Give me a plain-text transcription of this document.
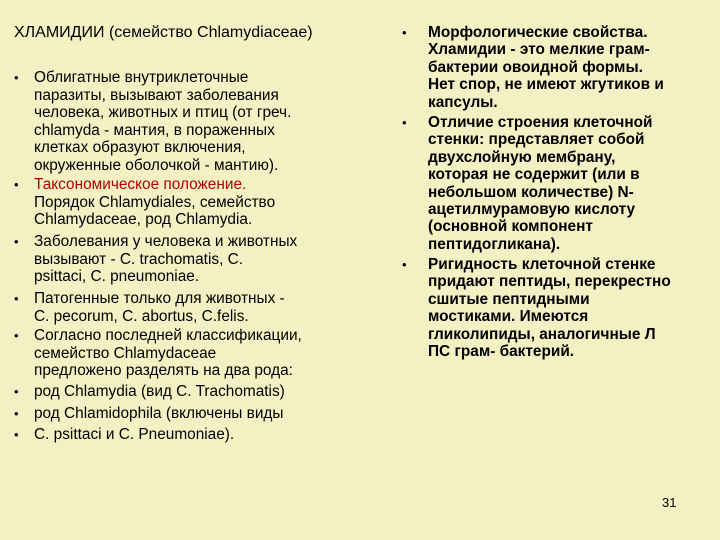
ХЛАМИДИИ (семейство Chlamydiaceae)
• Облигатные внутриклеточные
паразиты, вызывают заболевания
человека, животных и птиц (от греч.
chlamyda - мантия, в пораженных
клетках образуют включения,
окруженные оболочкой - мантию).
• Таксономическое положение.
Порядок Chlamydiales, семейство
Chlamydaceae, род Chlamydia.
• Заболевания у человека и животных
вызывают - C. trachomatis, C.
psittaci, C. pneumoniae.
• Патогенные только для животных -
C. pecorum, C. abortus, C.felis.
• Согласно последней классификации,
семейство Chlamydaceae
предложено разделять на два рода:
• род Chlamydia (вид C. Trachomatis)
• род Chlamidophila (включены виды
• C. psittaci и C. Pneumoniae).
• Морфологические свойства.
Хламидии - это мелкие грам-
бактерии овоидной формы.
Нет спор, не имеют жгутиков и
капсулы.
• Отличие строения клеточной
стенки: представляет собой
двухслойную мембрану,
которая не содержит (или в
небольшом количестве) N-
ацетилмурамовую кислоту
(основной компонент
пептидогликана).
• Ригидность клеточной стенке
придают пептиды, перекрестно
сшитые пептидными
мостиками. Имеются
гликолипиды, аналогичные Л
ПС грам- бактерий.
31
